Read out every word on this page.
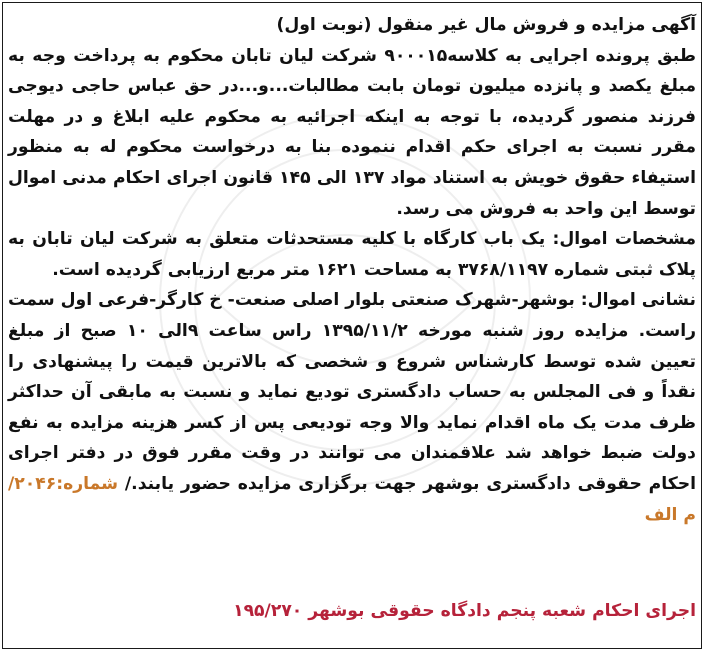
آگهی مزایده و فروش مال غیر منقول (نوبت اول)

طبق پرونده اجرایی به کلاسه۹۰۰۰۱۵ شرکت لیان تابان محکوم به پرداخت وجه به مبلغ یکصد و پانزده میلیون تومان بابت مطالبات...و...در حق عباس حاجی دیوجی فرزند منصور گردیده، با توجه به اینکه اجرائیه به محکوم علیه ابلاغ و در مهلت مقرر نسبت به اجرای حکم اقدام ننموده بنا به درخواست محکوم له به منظور استیفاء حقوق خویش به استناد مواد ۱۳۷ الی ۱۴۵ قانون اجرای احکام مدنی اموال توسط این واحد به فروش می رسد.

مشخصات اموال: یک باب کارگاه با کلیه مستحدثات متعلق به شرکت لیان تابان به پلاک ثبتی شماره ۳۷۶۸/۱۱۹۷ به مساحت ۱۶۲۱ متر مربع ارزیابی گردیده است.

نشانی اموال: بوشهر-شهرک صنعتی بلوار اصلی صنعت- خ کارگر-فرعی اول سمت راست. مزایده روز شنبه مورخه ۱۳۹۵/۱۱/۲ راس ساعت ۹الی ۱۰ صبح از مبلغ تعیین شده توسط کارشناس شروع و شخصی که بالاترین قیمت را پیشنهادی را نقداً و فی المجلس به حساب دادگستری تودیع نماید و نسبت به مابقی آن حداکثر ظرف مدت یک ماه اقدام نماید والا وجه تودیعی پس از کسر هزینه مزایده به نفع دولت ضبط خواهد شد علاقمندان می توانند در وقت مقرر فوق در دفتر اجرای احکام حقوقی دادگستری بوشهر جهت برگزاری مزایده حضور یابند./ شماره:۲۰۴۶/ م الف

اجرای احکام شعبه پنجم دادگاه حقوقی بوشهر ۱۹۵/۲۷۰
